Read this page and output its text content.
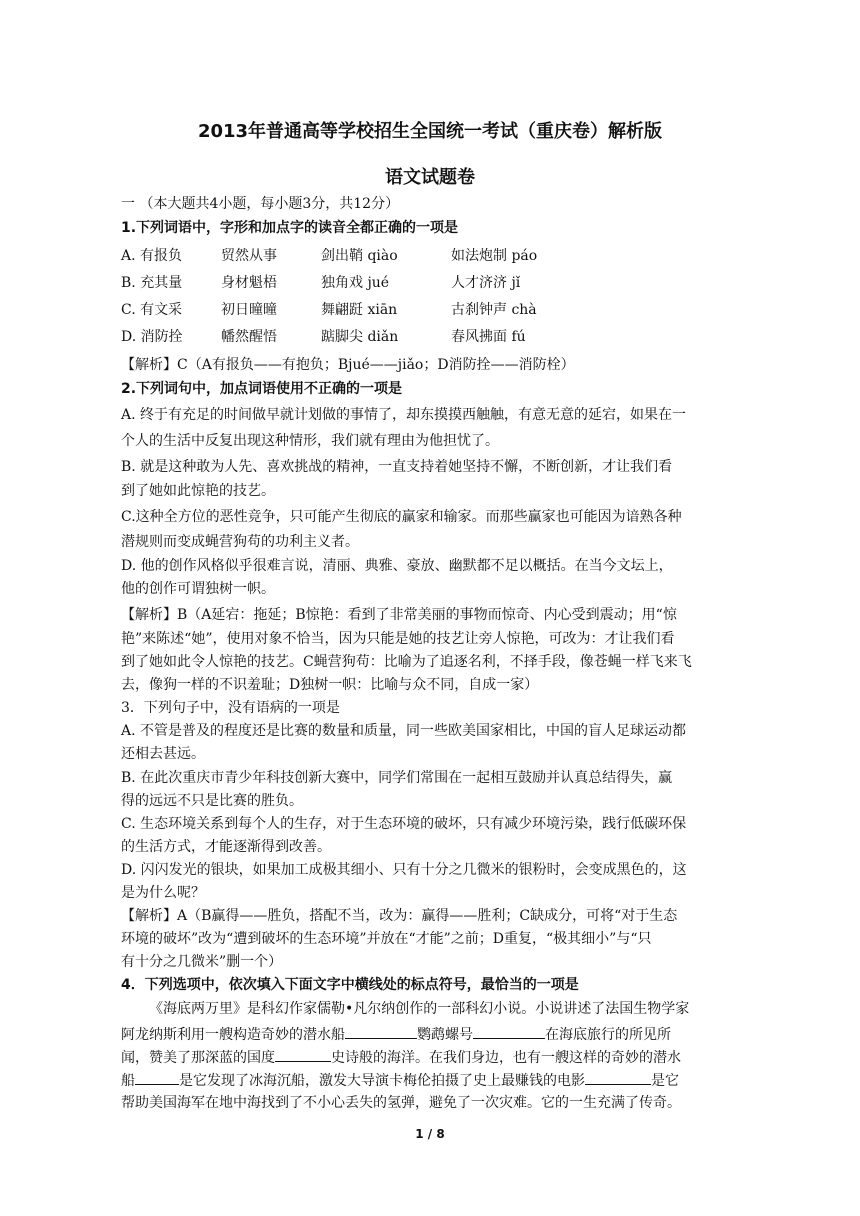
2013年普通高等学校招生全国统一考试（重庆卷）解析版
语文试题卷
一 （本大题共4小题，每小题3分，共12分）
1.下列词语中，字形和加点字的读音全都正确的一项是
A. 有报负	贸然从事	剑出鞘 qiào	如法炮制 páo
B. 充其量	身材魁梧	独角戏 jué	人才济济 jǐ
C. 有文采	初日曈曈	舞翩跹 xiān	古刹钟声 chà
D. 消防拴	幡然醒悟	踮脚尖 diǎn	春风拂面 fú
【解析】C（A有报负——有抱负；Bjué——jiǎo；D消防拴——消防栓）
2.下列词句中，加点词语使用不正确的一项是
A. 终于有充足的时间做早就计划做的事情了，却东摸摸西触触，有意无意的延宕，如果在一
个人的生活中反复出现这种情形，我们就有理由为他担忧了。
B. 就是这种敢为人先、喜欢挑战的精神，一直支持着她坚持不懈，不断创新，才让我们看
到了她如此惊艳的技艺。
C.这种全方位的恶性竞争，只可能产生彻底的赢家和输家。而那些赢家也可能因为谙熟各种
潜规则而变成蝇营狗苟的功利主义者。
D. 他的创作风格似乎很难言说，清丽、典雅、豪放、幽默都不足以概括。在当今文坛上，
他的创作可谓独树一帜。
【解析】B（A延宕：拖延；B惊艳：看到了非常美丽的事物而惊奇、内心受到震动；用“惊
艳”来陈述“她”，使用对象不恰当，因为只能是她的技艺让旁人惊艳，可改为：才让我们看
到了她如此令人惊艳的技艺。C蝇营狗苟：比喻为了追逐名利，不择手段，像苍蝇一样飞来飞
去，像狗一样的不识羞耻；D独树一帜：比喻与众不同，自成一家）
3．下列句子中，没有语病的一项是
A. 不管是普及的程度还是比赛的数量和质量，同一些欧美国家相比，中国的盲人足球运动都
还相去甚远。
B. 在此次重庆市青少年科技创新大赛中，同学们常围在一起相互鼓励并认真总结得失，赢
得的远远不只是比赛的胜负。
C. 生态环境关系到每个人的生存，对于生态环境的破坏，只有减少环境污染，践行低碳环保
的生活方式，才能逐渐得到改善。
D. 闪闪发光的银块，如果加工成极其细小、只有十分之几微米的银粉时，会变成黑色的，这
是为什么呢？
【解析】A（B赢得——胜负，搭配不当，改为：赢得——胜利；C缺成分，可将“对于生态
环境的破坏”改为“遭到破坏的生态环境”并放在“才能”之前；D重复，“极其细小”与“只
有十分之几微米”删一个）
4．下列选项中，依次填入下面文字中横线处的标点符号，最恰当的一项是
《海底两万里》是科幻作家儒勒•凡尔纳创作的一部科幻小说。小说讲述了法国生物学家
阿龙纳斯利用一艘构造奇妙的潜水船	鹦鹉螺号	在海底旅行的所见所
闻，赞美了那深蓝的国度	史诗般的海洋。在我们身边，也有一艘这样的奇妙的潜水
船	是它发现了冰海沉船，激发大导演卡梅伦拍摄了史上最赚钱的电影	是它
帮助美国海军在地中海找到了不小心丢失的氢弹，避免了一次灾难。它的一生充满了传奇。
1 / 8
